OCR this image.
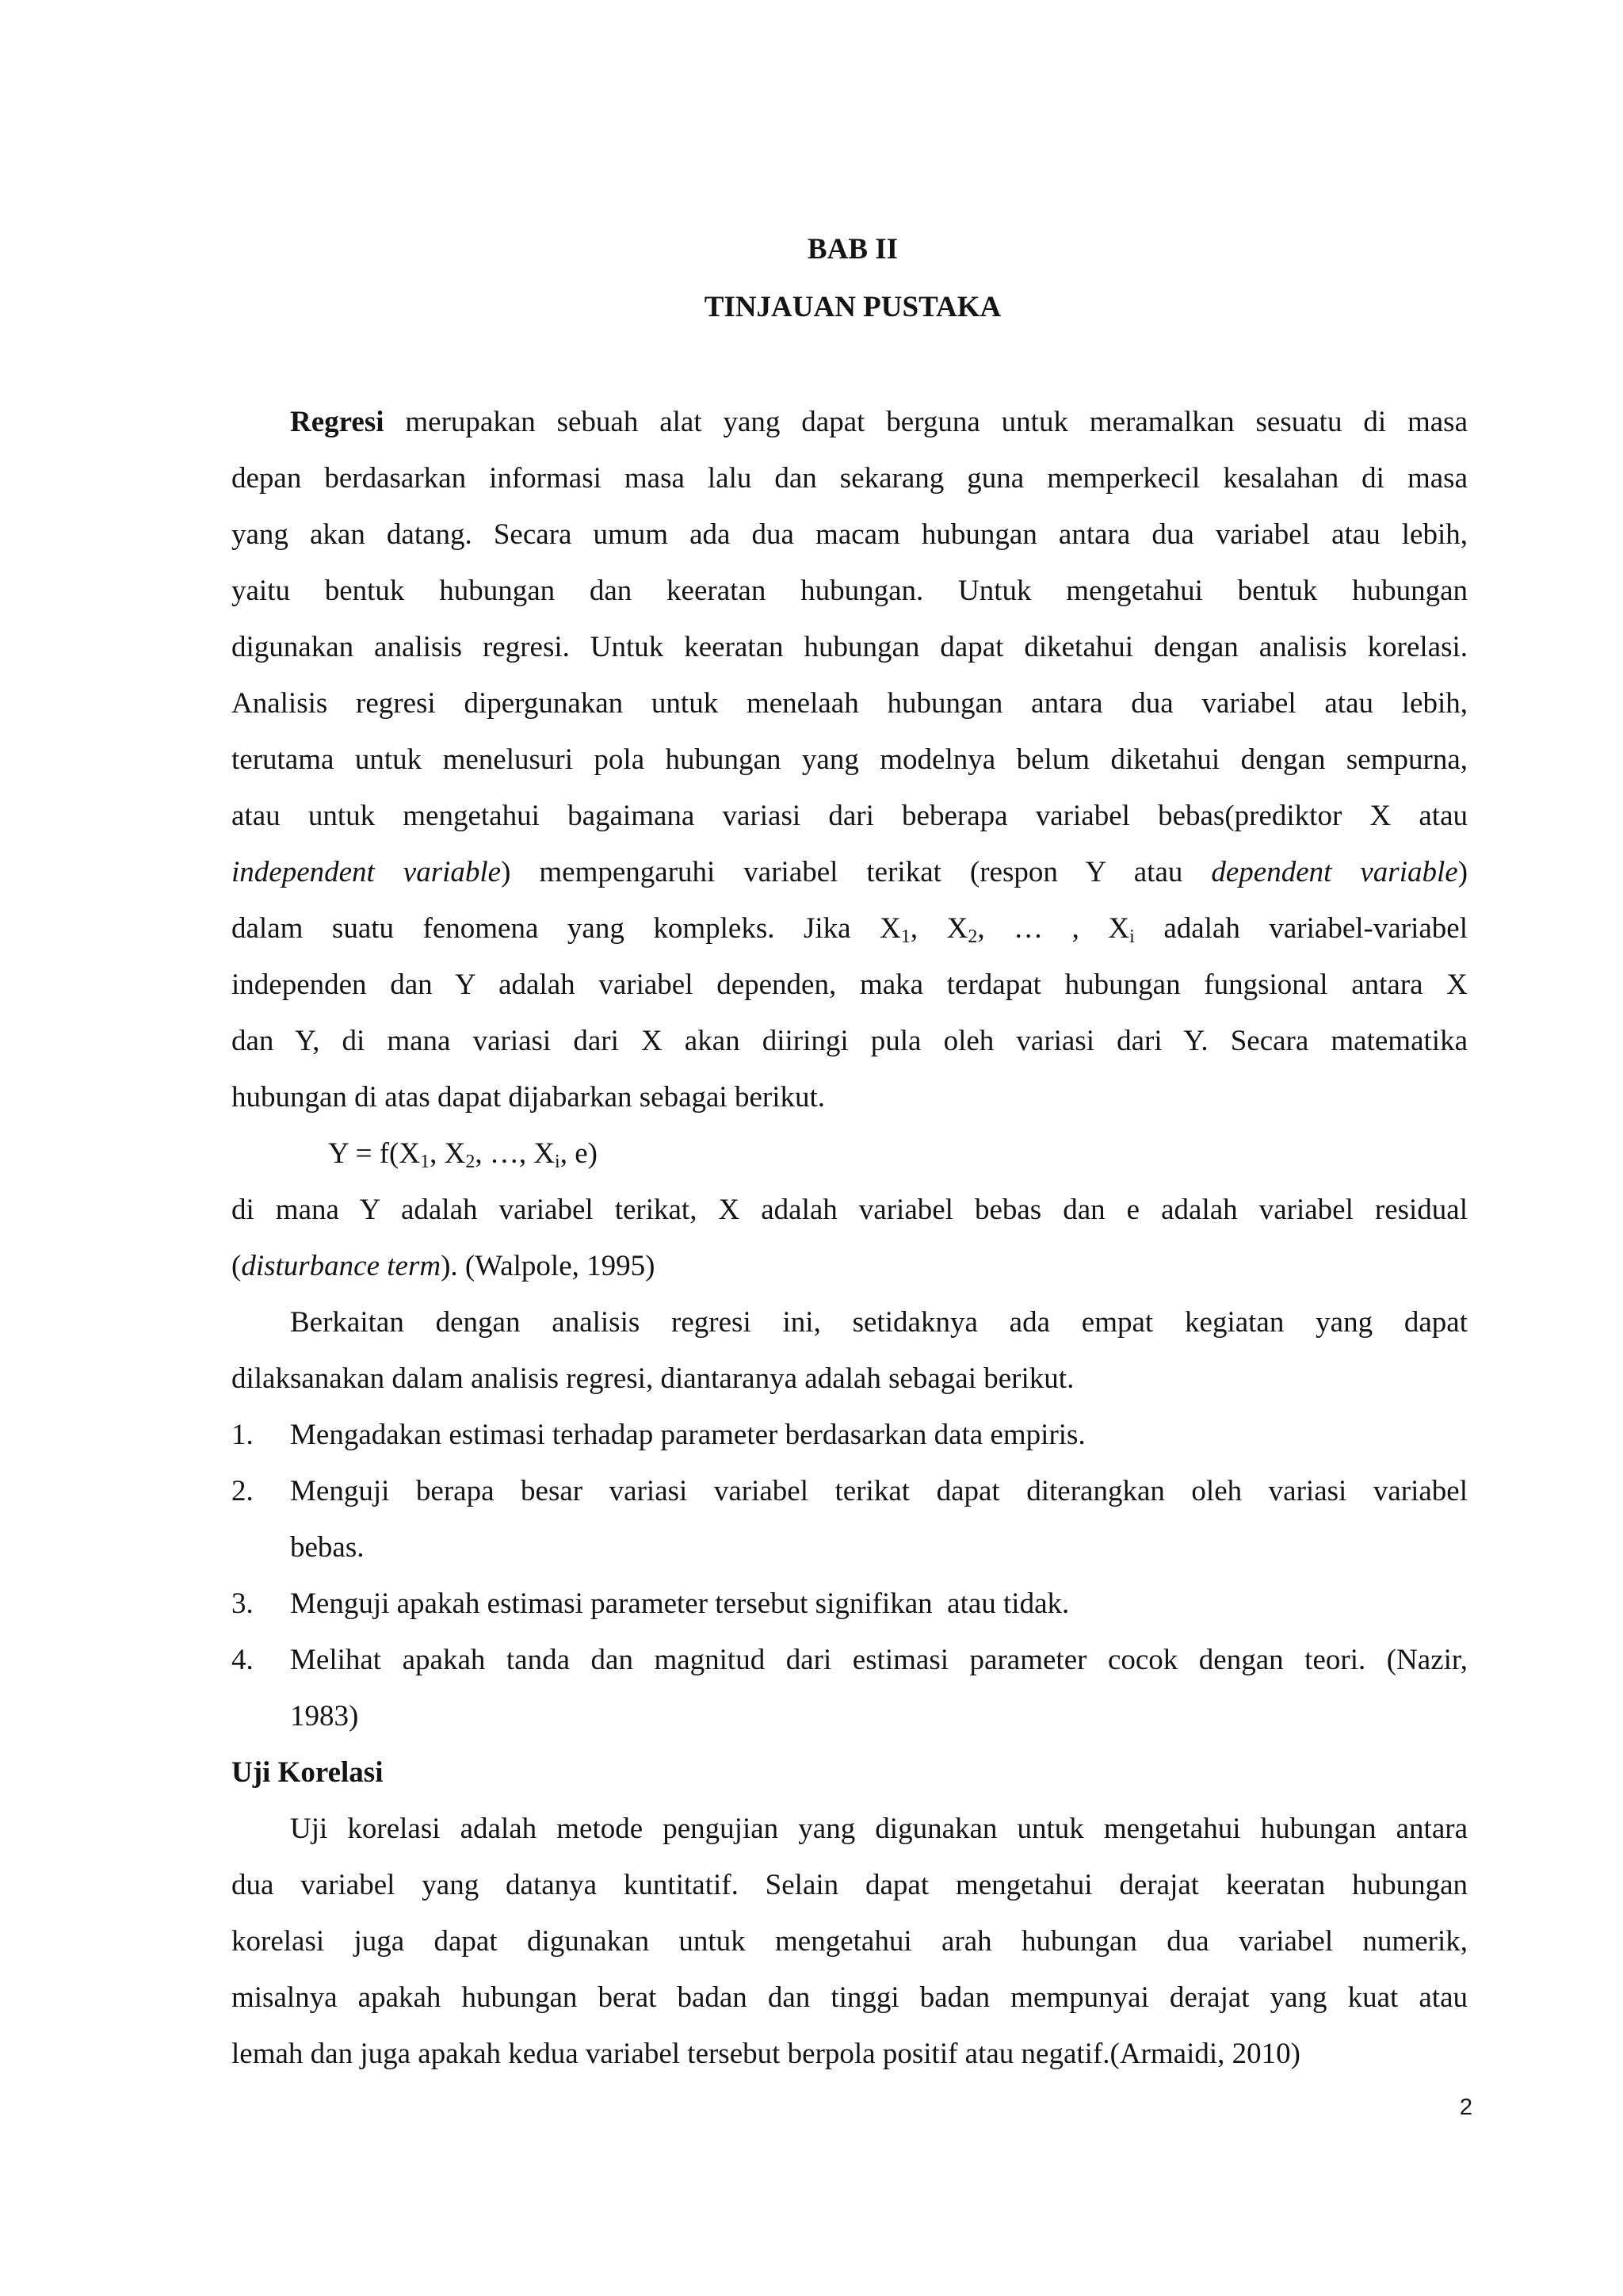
BAB II
TINJAUAN PUSTAKA
Regresi merupakan sebuah alat yang dapat berguna untuk meramalkan sesuatu di masa
depan berdasarkan informasi masa lalu dan sekarang guna memperkecil kesalahan di masa
yang akan datang. Secara umum ada dua macam hubungan antara dua variabel atau lebih,
yaitu bentuk hubungan dan keeratan hubungan. Untuk mengetahui bentuk hubungan
digunakan analisis regresi. Untuk keeratan hubungan dapat diketahui dengan analisis korelasi.
Analisis regresi dipergunakan untuk menelaah hubungan antara dua variabel atau lebih,
terutama untuk menelusuri pola hubungan yang modelnya belum diketahui dengan sempurna,
atau untuk mengetahui bagaimana variasi dari beberapa variabel bebas(prediktor X atau
independent variable) mempengaruhi variabel terikat (respon Y atau dependent variable)
dalam suatu fenomena yang kompleks. Jika $X_1$, $X_2$, … , $X_i$ adalah variabel-variabel
independen dan Y adalah variabel dependen, maka terdapat hubungan fungsional antara X
dan Y, di mana variasi dari X akan diiringi pula oleh variasi dari Y. Secara matematika
hubungan di atas dapat dijabarkan sebagai berikut.
$Y = f(X_1$, $X_2$, …, $X_i$, e)
di mana Y adalah variabel terikat, X adalah variabel bebas dan e adalah variabel residual
(disturbance term). (Walpole, 1995)
Berkaitan dengan analisis regresi ini, setidaknya ada empat kegiatan yang dapat
dilaksanakan dalam analisis regresi, diantaranya adalah sebagai berikut.
1. Mengadakan estimasi terhadap parameter berdasarkan data empiris.
2. Menguji berapa besar variasi variabel terikat dapat diterangkan oleh variasi variabel
bebas.
3. Menguji apakah estimasi parameter tersebut signifikan  atau tidak.
4. Melihat apakah tanda dan magnitud dari estimasi parameter cocok dengan teori. (Nazir,
1983)
Uji Korelasi
Uji korelasi adalah metode pengujian yang digunakan untuk mengetahui hubungan antara
dua variabel yang datanya kuntitatif. Selain dapat mengetahui derajat keeratan hubungan
korelasi juga dapat digunakan untuk mengetahui arah hubungan dua variabel numerik,
misalnya apakah hubungan berat badan dan tinggi badan mempunyai derajat yang kuat atau
lemah dan juga apakah kedua variabel tersebut berpola positif atau negatif.(Armaidi, 2010)
2
